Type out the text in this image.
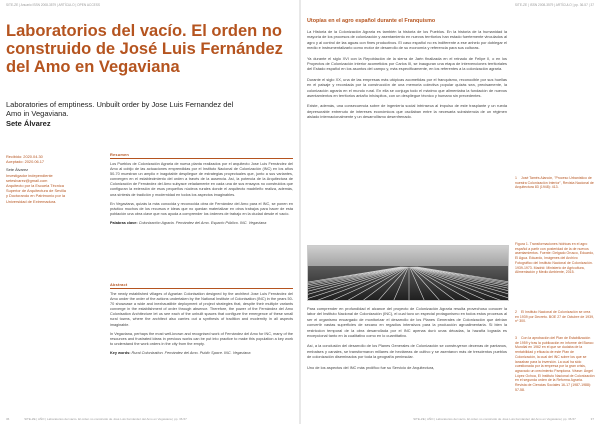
SITE-ZE | Anuario ISSN 2008-3579 | ARTÍCULO | OPEN ACCESS
Laboratorios del vacío. El orden no construido de José Luis Fernández del Amo en Vegaviana
Laboratories of emptiness. Unbuilt order by Jose Luis Fernandez del Amo in Vegaviana.
Sete Álvarez
Recibido: 2020.04.30
Aceptado: 2020.06.17
Sete Álvarez
Investigador independiente
seteslvarez@gmail.com
Arquitecto por la Escuela Técnica
Superior de Arquitectura de Sevilla
y Doctorando en Patrimonio por la
Universidad de Extremadura.
Resumen

Los Pueblos de Colonización Agraria de nueva planta realizados por el arquitecto Jose Luis Fernández del Amo al cobijo de las actuaciones emprendidas por el Instituto Nacional de Colonización (INC) en los años 50-70 muestran un amplio e inagotable despliegue de estrategias proyectuales que, junto a sus variantes, convergen en el establecimiento del orden a través de la ausencia. Así, la potencia de la Arquitectura de Colonización de Fernández del Amo subyace veladamente en cada una de sus ensayos no construidos que configuran la extensión de esos pequeños núcleos rurales donde el arquitecto madrileño realiza, además, una síntesis de tradición y modernidad en todos los aspectos imaginables.

En Vegaviana, quizás la más conocida y reconocida obra de Fernández del Amo para el INC, se ponen en práctico muchos de los recursos e ideas que no quedan materializar en otros trabajos para hacer de esta población una obra clave que nos ayuda a comprender los órdenes de trabajo en la ciudad desde el vacío.

Palabras clave: Colonización Agraria. Fernández del Amo. Espacio Público. INC. Vegaviana

Abstract

The newly established villages of Agrarian Colonisation designed by the architect Jose Luis Fernández del Amo under the order of the actions undertaken by the National Institute of Colonisation (INC) in the years 50-70 showcase a wide and inexhaustible deployment of project strategies that, despite their multiple variants converge in the establishment of order through absence. Therefore, the power of the Fernández del Amo Colonisation Architecture let us see each of the unbuilt spaces that configure the emergence of these small rural towns, where the architect also carries out a synthesis of tradition and modernity in all aspects imaginable.

In Vegaviana, perhaps the most well-known and recognised work of Fernández del Amo for INC, many of the resources and frustrated ideas in previous works can be put into practice to make this population a key work to understand the work orders in the city from the empty.

Key words: Rural Colonization. Fernández del Amo. Public Space. INC. Vegaviana

36	SITE-ZE | AÑO | Laboratorios del vacío. El orden no construido de José Luis Fernández del Amo en Vegaviana | pp. 36-57
SITE-ZE | ISSN 2008-3579 | ARTÍCULO | pp. 36-57 | 37
Utopías en el agro español durante el Franquismo

La Historia de la Colonización Agraria es también la historia de los Pueblos. En la historia de la humanidad la mayoría de los procesos de colonización y asentamiento en nuevos territorios han estado fuertemente vinculados al agro y al control de las aguas con fines productivos. El caso español no es indiferente a ese anhelo por doblegar el medio e instrumentalizarlo como motor de desarrollo de su economía y referencia para sus culturas.

Ya durante el siglo XVI con la Repoblación de la sierra de Jaén finalizada en el reinado de Felipe II, o en los Proyectos de Colonización interior acometidos por Carlos III, se inauguran una etapa de intervenciones territoriales del Estado español en los asuntos del campo y, más específicamente, en los referentes a la colonización agraria.

Durante el siglo XX, una de las empresas más utópicas acometidas por el franquismo, reconocible por sus huellas en el paisaje y recordada por la construcción de una memoria colectiva popular quizás sea, precisamente, la colonización agraria en el mundo rural. En ella se conjuga todo el máximo que alimentaba la fundación de nuevos asentamientos en territorios antaño inhóspitos, con un despliegue técnico y humano sin precedentes.

Existe, además, una consecuencia sobre de ingeniería social intrínseca al impulso de este trasplante y un rueda depresurable entrenuto de intereses económicos que oscilaban entre la necesaria subsistencia de un régimen aislado internacionalmente y un desarrollismo desenfrenado.

Para comprender en profundidad el alcance del proyecto de Colonización Agraria resulta provechoso conocer la labor del Instituto Nacional de Colonización (INC), el cual tuvo un especial protagonismo en todos estos procesos al ser el organismo encargado de monitorizar el desarrollo de los Planes Generales de Colonización que debían convertir vastas superficies de secano en regadíos intensivos para la producción agroalimentaria. Si bien la restriccion temporal de la obra desarrollada por el INC apenas duró unas décadas, la hazaña lograda es excepcional tanto en la cualitativo como en lo cuantitativo.

Así, a la conclusión del desarrollo de los Planes Generales de Colonización se construyeron decenas de pantanos, embalses y canales, se transformaron millares de hectáreas de cultivo y se asentaron más de trescientos pueblos de colonización diseminados por toda la geografía peninsular.

Uno de los aspectos del INC más prolífico fue su Servicio de Arquitectura,

1 José Tamés Alarcón, "Proceso Urbanístico de nuestra Colonización Interior", Revista Nacional de Arquitectura 83 (1948): 413.
Figura 1. Transformaciones hídricas en el agro español a partir con posteridad de la de nuevos asentamientos. Fuente: Delgado Orusco, Eduardo, El Agua. Eduardo, Imágenes del Archivo Fotográfico del Instituto Nacional de Colonización. 1939-1973. Madrid: Ministerio de Agricultura, Alimentación y Medio Ambiente, 2015.
2 El Instituto Nacional de Colonización se crea en 1939 por Decreto. BOE 27 de Octubre de 1939, nº 300.
3 Con la aprobación del Plan de Estabilización de 1959 y tras la publicación en informe del Banco Mundial en 1962 en el que se dudaba de la rentabilidad y eficacia de este Plan de Colonización, la cual del INC sobre los que se lanzaban para la inversión. La cual ha sido cuestionada por la empresa por la gran crisis, agravado un crecimiento Pamplona. Véase: Ángel López Ochoa, El Instituto Nacional de Colonización en el segunda orden de la Reforma Agraria. Revista de Ciencias Sociales 16-17 (1987-1988): 57-58.
SITE-ZE | AÑO | Laboratorios del vacío. El orden no construido de José Luis Fernández del Amo en Vegaviana | pp. 36-57	37
